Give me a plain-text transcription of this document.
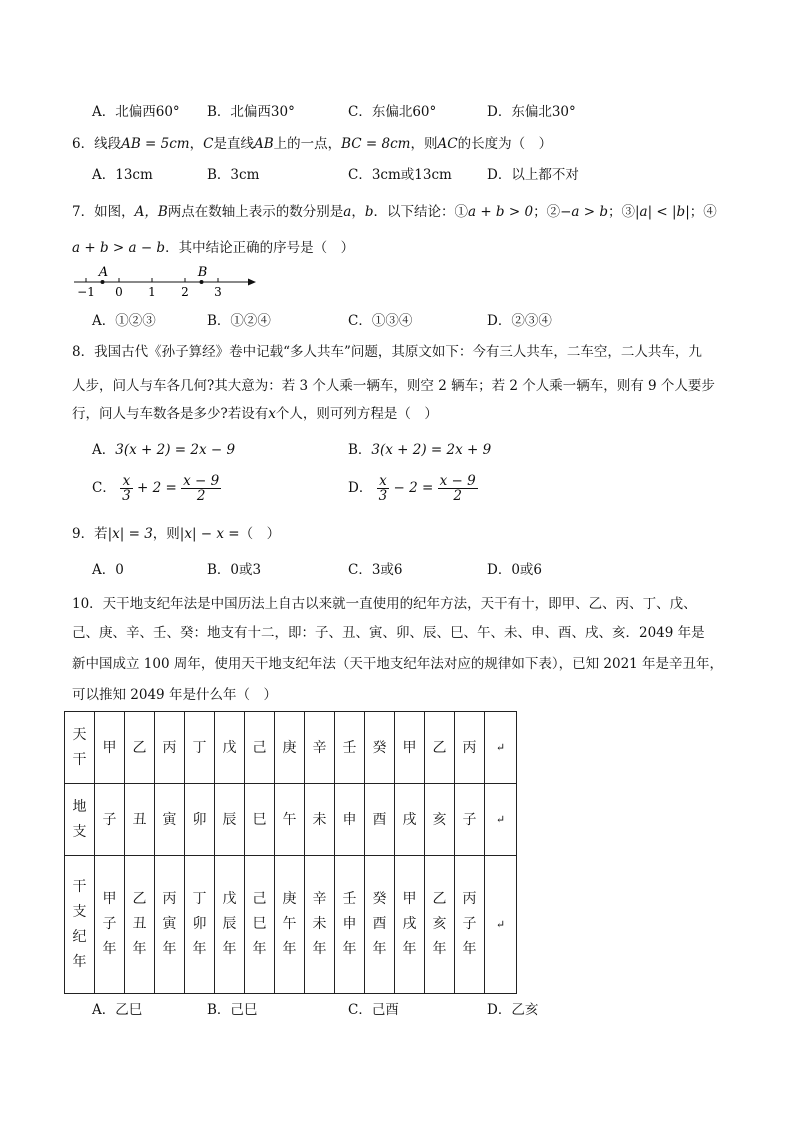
A．北偏西60° B．北偏西30°	C．东偏北60°	D．东偏北30°
6．线段AB = 5cm，C是直线AB上的一点，BC = 8cm，则AC的长度为（　）
A．13cm	B．3cm	C．3cm或13cm	D．以上都不对
7．如图，A，B两点在数轴上表示的数分别是a，b．以下结论：①a + b > 0；②−a > b；③|a| < |b|；④
a + b > a − b．其中结论正确的序号是（　）
−1 0 1 2 3
A	B
A．①②③	B．①②④	C．①③④	D．②③④
8．我国古代《孙子算经》卷中记载“多人共车”问题，其原文如下：今有三人共车，二车空，二人共车，九
人步，问人与车各几何?其大意为：若 3 个人乘一辆车，则空 2 辆车；若 2 个人乘一辆车，则有 9 个人要步
行，问人与车数各是多少?若设有x个人，则可列方程是（　）
A．3(x + 2) = 2x − 9	B．3(x + 2) = 2x + 9
C． $\frac{x}{3} + 2 = \frac{x - 9}{2}$	D． $\frac{x}{3} - 2 = \frac{x - 9}{2}$
9．若|x| = 3，则|x| − x =（　）
A．0	B．0或3	C．3或6	D．0或6
10．天干地支纪年法是中国历法上自古以来就一直使用的纪年方法，天干有十，即甲、乙、丙、丁、戊、
己、庚、辛、壬、癸：地支有十二，即：子、丑、寅、卯、辰、巳、午、未、申、酉、戌、亥．2049 年是
新中国成立 100 周年，使用天干地支纪年法（天干地支纪年法对应的规律如下表），已知 2021 年是辛丑年，
可以推知 2049 年是什么年（　）
天
干	甲	乙	丙	丁	戊	己	庚	辛	壬	癸	甲	乙	丙	↵
地
支	子	丑	寅	卯	辰	巳	午	未	申	酉	戌	亥	子	↵
干
支
纪
年	甲
子
年	乙
丑
年	丙
寅
年	丁
卯
年	戊
辰
年	己
巳
年	庚
午
年	辛
未
年	壬
申
年	癸
酉
年	甲
戌
年	乙
亥
年	丙
子
年	↵
A．乙巳	B．己巳	C．己酉	D．乙亥
